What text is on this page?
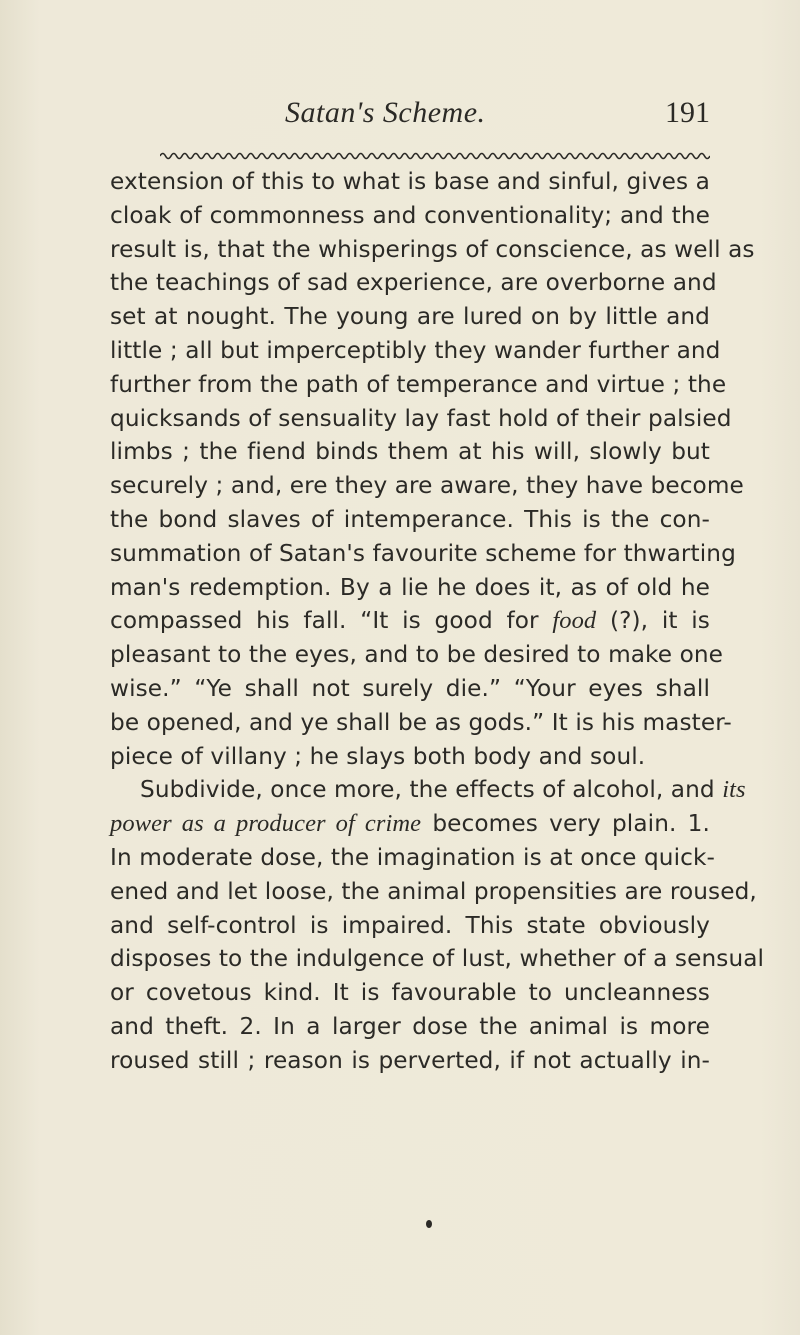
Satan's Scheme.	191
extension of this to what is base and sinful, gives a
cloak of commonness and conventionality; and the
result is, that the whisperings of conscience, as well as
the teachings of sad experience, are overborne and
set at nought. The young are lured on by little and
little ; all but imperceptibly they wander further and
further from the path of temperance and virtue ; the
quicksands of sensuality lay fast hold of their palsied
limbs ; the fiend binds them at his will, slowly but
securely ; and, ere they are aware, they have become
the bond slaves of intemperance. This is the con-
summation of Satan's favourite scheme for thwarting
man's redemption. By a lie he does it, as of old he
compassed his fall. “It is good for food (?), it is
pleasant to the eyes, and to be desired to make one
wise.” “Ye shall not surely die.” “Your eyes shall
be opened, and ye shall be as gods.” It is his master-
piece of villany ; he slays both body and soul.
Subdivide, once more, the effects of alcohol, and its
power as a producer of crime becomes very plain. 1.
In moderate dose, the imagination is at once quick-
ened and let loose, the animal propensities are roused,
and self-control is impaired. This state obviously
disposes to the indulgence of lust, whether of a sensual
or covetous kind. It is favourable to uncleanness
and theft. 2. In a larger dose the animal is more
roused still ; reason is perverted, if not actually in-
